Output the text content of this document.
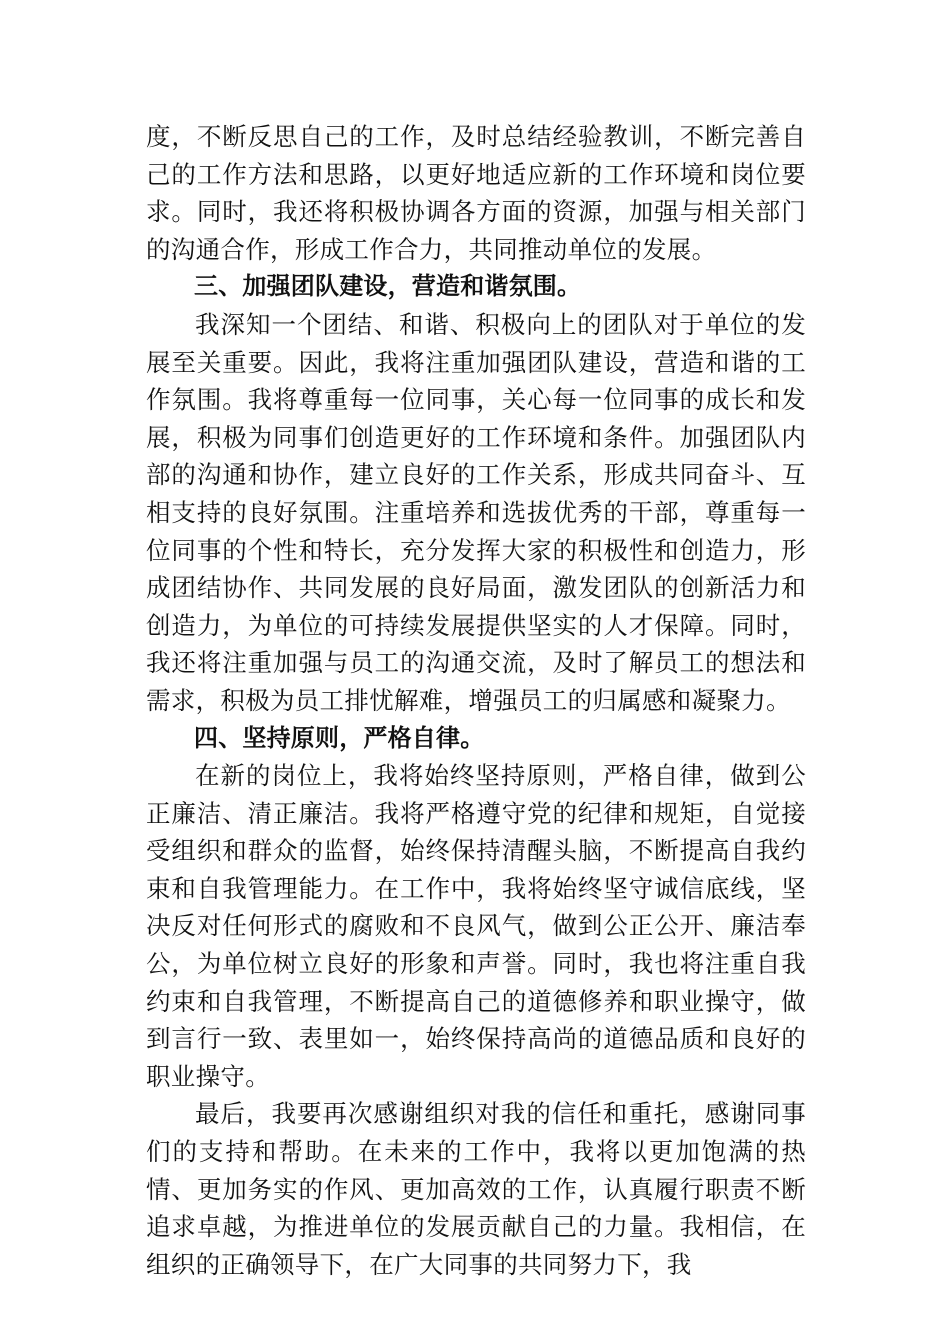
度，不断反思自己的工作，及时总结经验教训，不断完善自己的工作方法和思路，以更好地适应新的工作环境和岗位要求。同时，我还将积极协调各方面的资源，加强与相关部门的沟通合作，形成工作合力，共同推动单位的发展。

三、加强团队建设，营造和谐氛围。

我深知一个团结、和谐、积极向上的团队对于单位的发展至关重要。因此，我将注重加强团队建设，营造和谐的工作氛围。我将尊重每一位同事，关心每一位同事的成长和发展，积极为同事们创造更好的工作环境和条件。加强团队内部的沟通和协作，建立良好的工作关系，形成共同奋斗、互相支持的良好氛围。注重培养和选拔优秀的干部，尊重每一位同事的个性和特长，充分发挥大家的积极性和创造力，形成团结协作、共同发展的良好局面，激发团队的创新活力和创造力，为单位的可持续发展提供坚实的人才保障。同时，我还将注重加强与员工的沟通交流，及时了解员工的想法和需求，积极为员工排忧解难，增强员工的归属感和凝聚力。

四、坚持原则，严格自律。

在新的岗位上，我将始终坚持原则，严格自律，做到公正廉洁、清正廉洁。我将严格遵守党的纪律和规矩，自觉接受组织和群众的监督，始终保持清醒头脑，不断提高自我约束和自我管理能力。在工作中，我将始终坚守诚信底线，坚决反对任何形式的腐败和不良风气，做到公正公开、廉洁奉公，为单位树立良好的形象和声誉。同时，我也将注重自我约束和自我管理，不断提高自己的道德修养和职业操守，做到言行一致、表里如一，始终保持高尚的道德品质和良好的职业操守。

最后，我要再次感谢组织对我的信任和重托，感谢同事们的支持和帮助。在未来的工作中，我将以更加饱满的热情、更加务实的作风、更加高效的工作，认真履行职责不断追求卓越，为推进单位的发展贡献自己的力量。我相信，在组织的正确领导下，在广大同事的共同努力下，我
